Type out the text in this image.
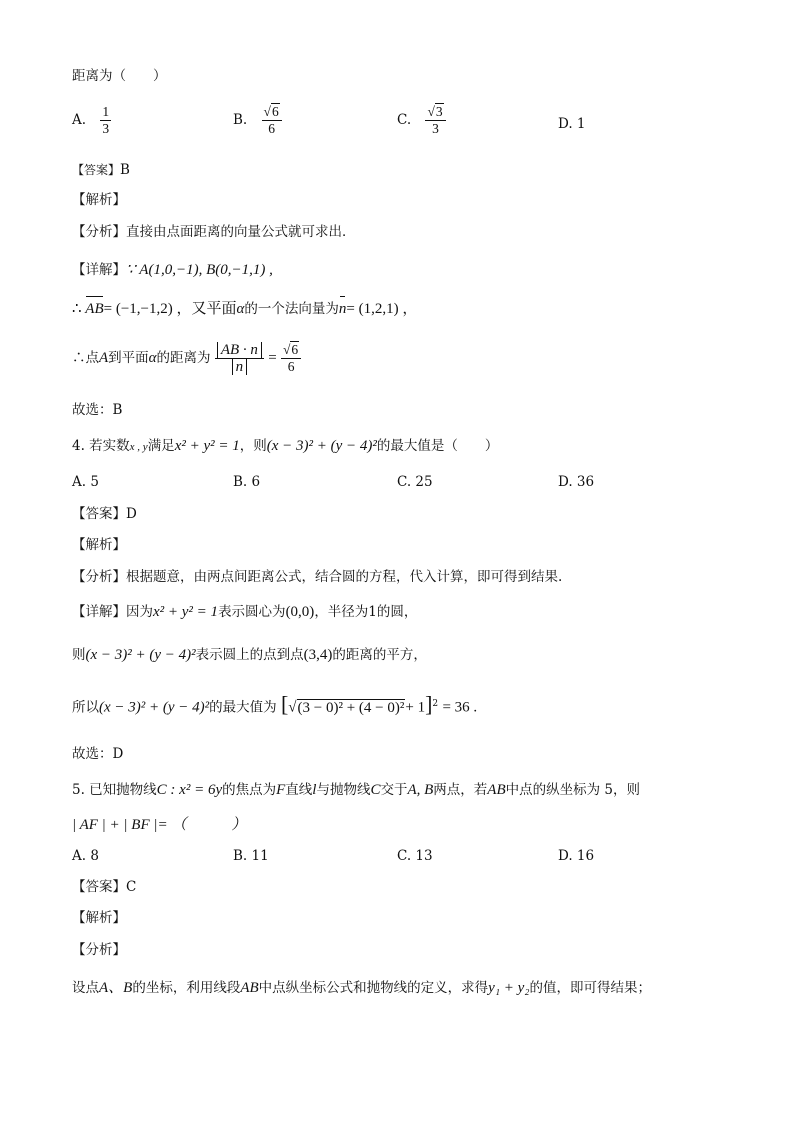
距离为（　　）
A. $\frac{1}{3}$	B. $\frac{√6}{6}$	C. $\frac{√3}{3}$	D. 1
【答案】B
【解析】
【分析】直接由点面距离的向量公式就可求出．
【详解】∵ A(1,0,−1), B(0,−1,1) ,
∴ AB= (−1,−1,2) ，又平面α的一个法向量为n= (1,2,1) ，
∴点A到平面α的距离为 $\frac{AB \cdot n}{n} = \frac{√6}{6}$
故选：B
4. 若实数x , y满足x² + y² = 1，则(x − 3)² + (y − 4)²的最大值是（　　）
A. 5	B. 6	C. 25	D. 36
【答案】D
【解析】
【分析】根据题意，由两点间距离公式，结合圆的方程，代入计算，即可得到结果.
【详解】因为x² + y² = 1表示圆心为(0,0)，半径为1的圆，
则(x − 3)² + (y − 4)²表示圆上的点到点(3,4)的距离的平方，
所以(x − 3)² + (y − 4)²的最大值为 $[√(3 - 0)^2 + (4 - 0)^2+ 1]^2 = 36$ .
故选：D
5. 已知抛物线C : x² = 6y的焦点为F直线l与抛物线C交于A, B两点，若AB中点的纵坐标为 5，则
| AF | + | BF |= （　　　）
A. 8	B. 11	C. 13	D. 16
【答案】C
【解析】
【分析】
设点A、B的坐标，利用线段AB中点纵坐标公式和抛物线的定义，求得y₁ + y₂的值，即可得结果；
